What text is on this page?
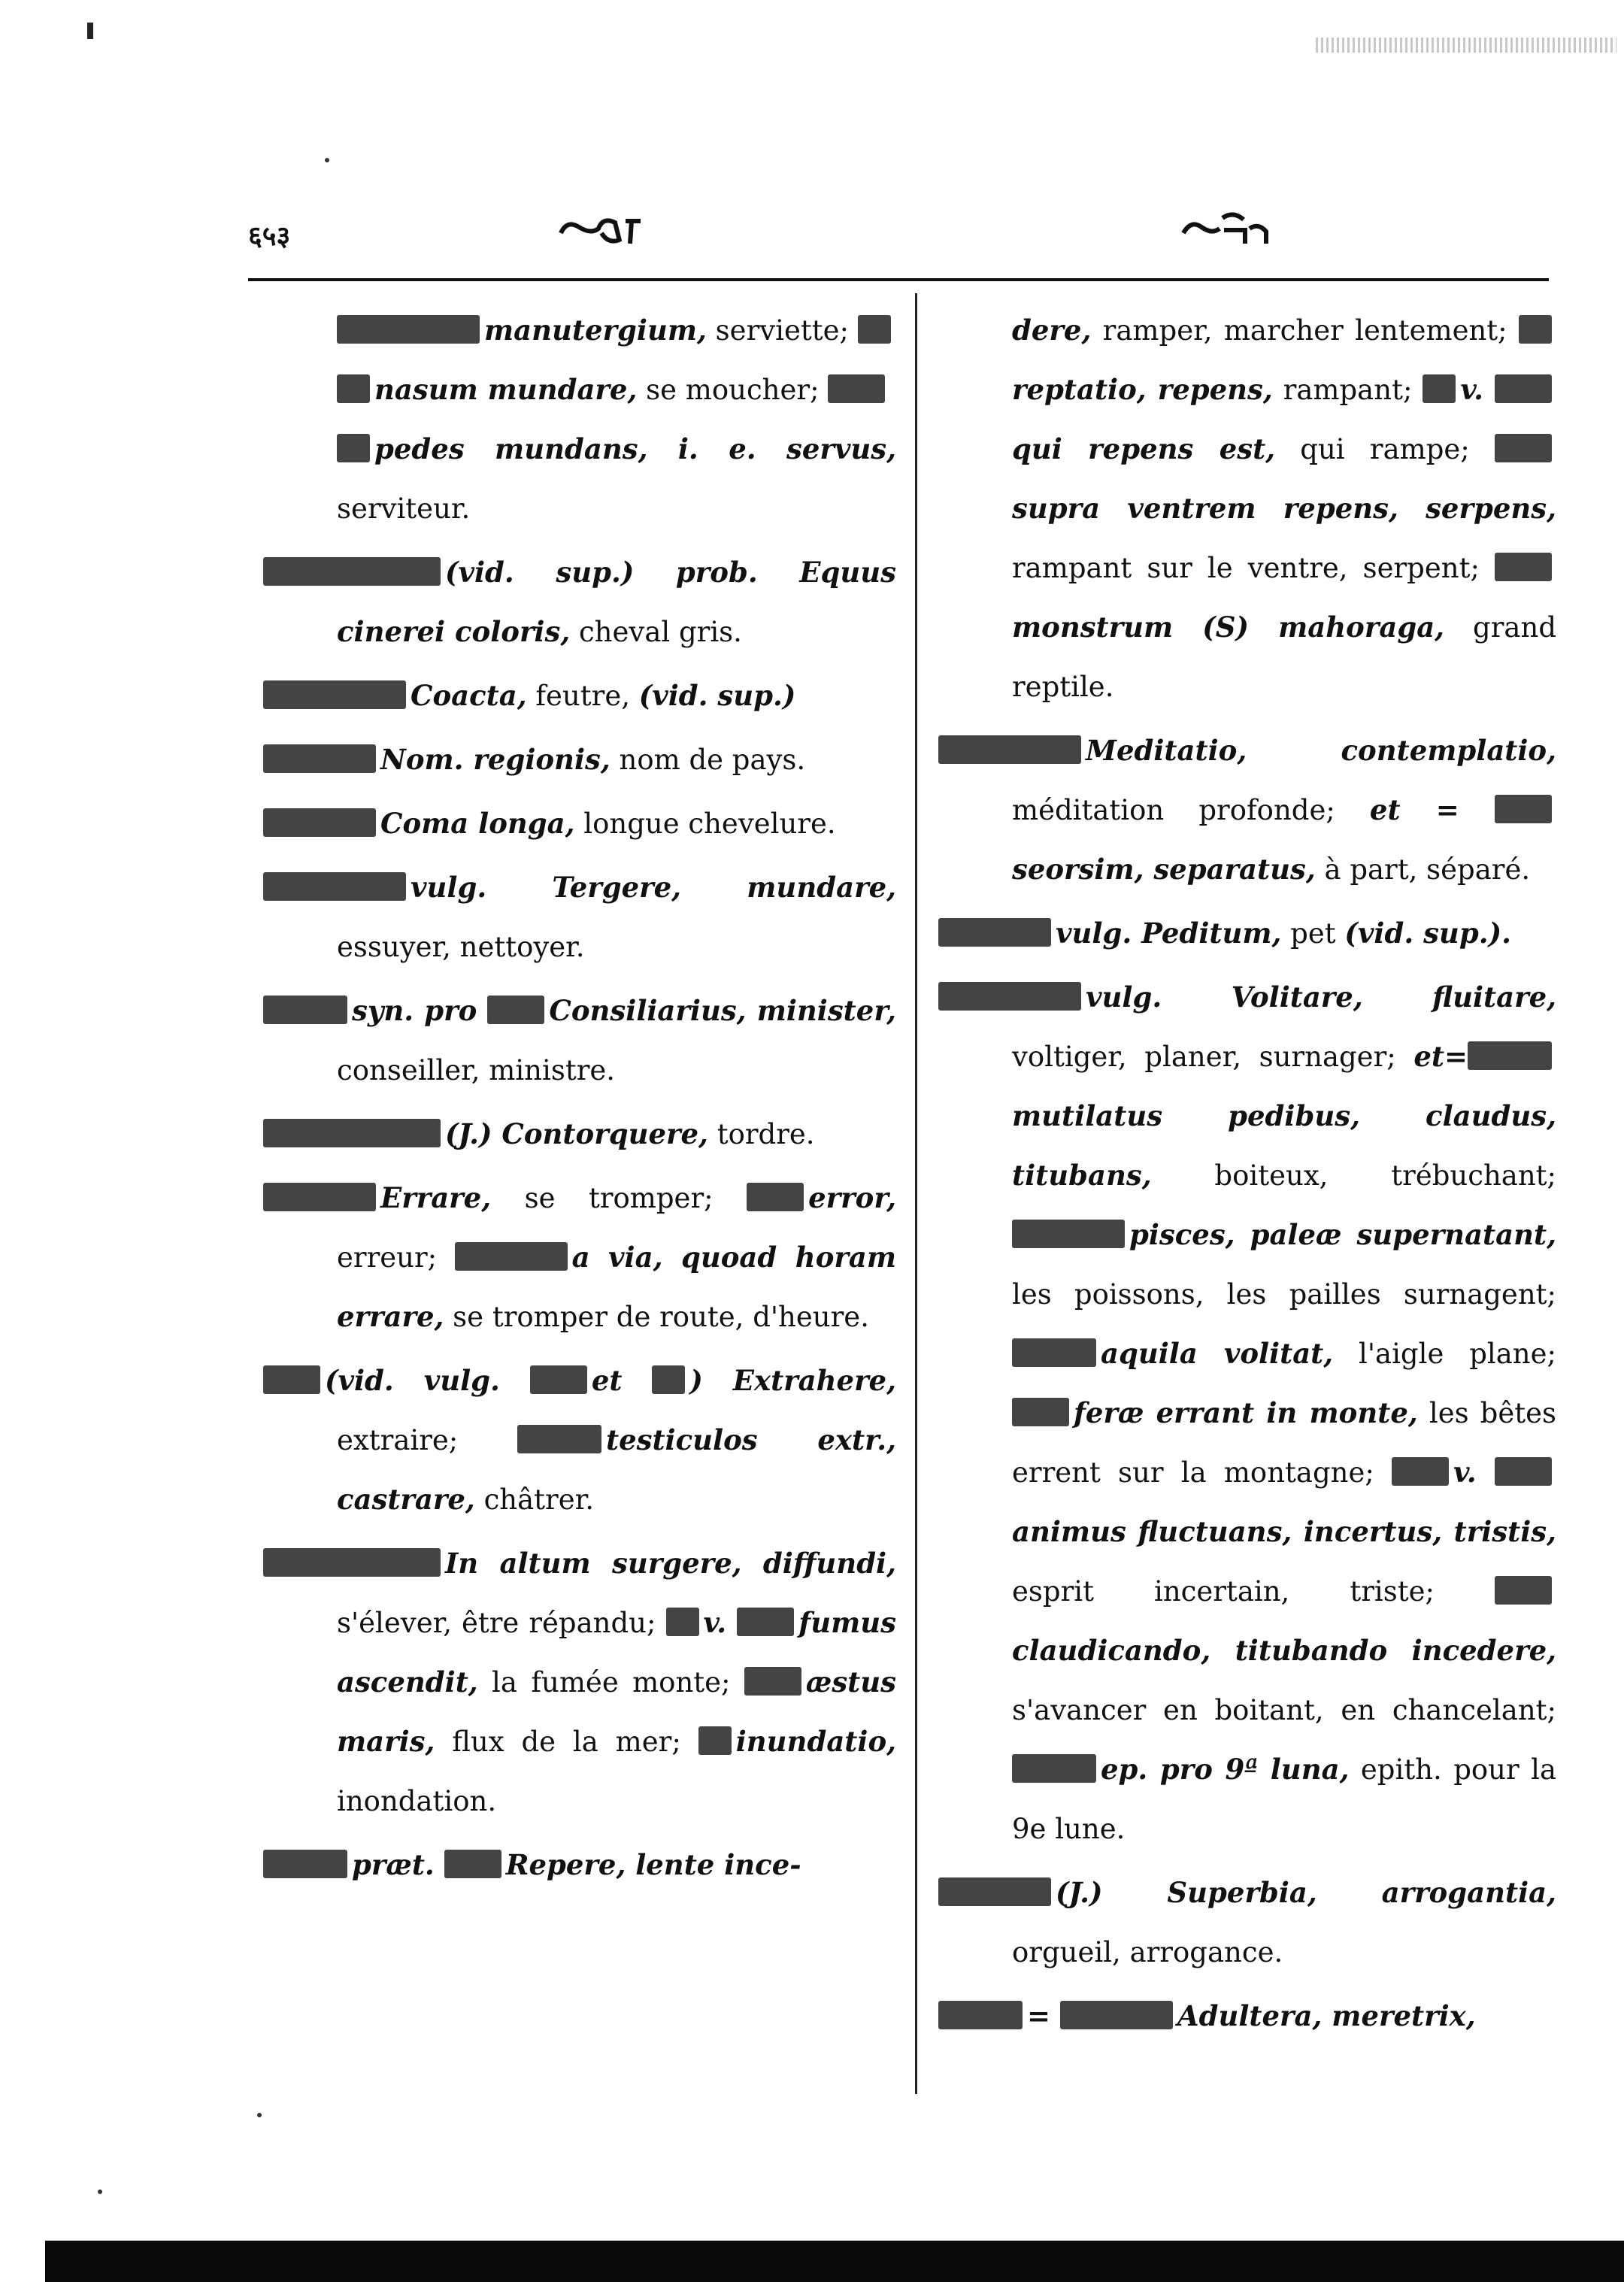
६५३

manutergium, serviette;

nasum mundare, se moucher;

pedes mundans, i. e. servus, serviteur.

(vid. sup.) prob. Equus cinerei coloris, cheval gris.

Coacta, feutre, (vid. sup.)

Nom. regionis, nom de pays.

Coma longa, longue chevelure.

vulg. Tergere, mundare, essuyer, nettoyer.

syn. pro Consiliarius, minister, conseiller, ministre.

(J.) Contorquere, tordre.

Errare, se tromper; error, erreur;	a via, quoad horam errare, se tromper de route, d'heure.

(vid. vulg. et ) Extrahere, extraire;	testiculos extr., castrare, châtrer.

In altum surgere, diffundi, s'élever, être répandu; v. fumus ascendit, la fumée monte; æstus maris, flux de la mer; inundatio, inondation.

præt. Repere, lente ince-

dere, ramper, marcher lentement; reptatio, repens, rampant; v. qui repens est, qui rampe; supra ventrem repens, serpens, rampant sur le ventre, serpent; monstrum (S) mahoraga, grand reptile.

Meditatio, contemplatio, méditation profonde; et = seorsim, separatus, à part, séparé.

vulg. Peditum, pet (vid. sup.).

vulg. Volitare, fluitare, voltiger, planer, surnager; et=mutilatus pedibus, claudus, titubans, boiteux, trébuchant; pisces, paleæ supernatant, les poissons, les pailles surnagent; aquila volitat, l'aigle plane; feræ errant in monte, les bêtes errent sur la montagne; v. animus fluctuans, incertus, tristis, esprit incertain, triste; claudicando, titubando incedere, s'avancer en boitant, en chancelant; ep. pro 9ª luna, epith. pour la 9e lune.

(J.) Superbia, arrogantia, orgueil, arrogance.

=	Adultera, meretrix,
